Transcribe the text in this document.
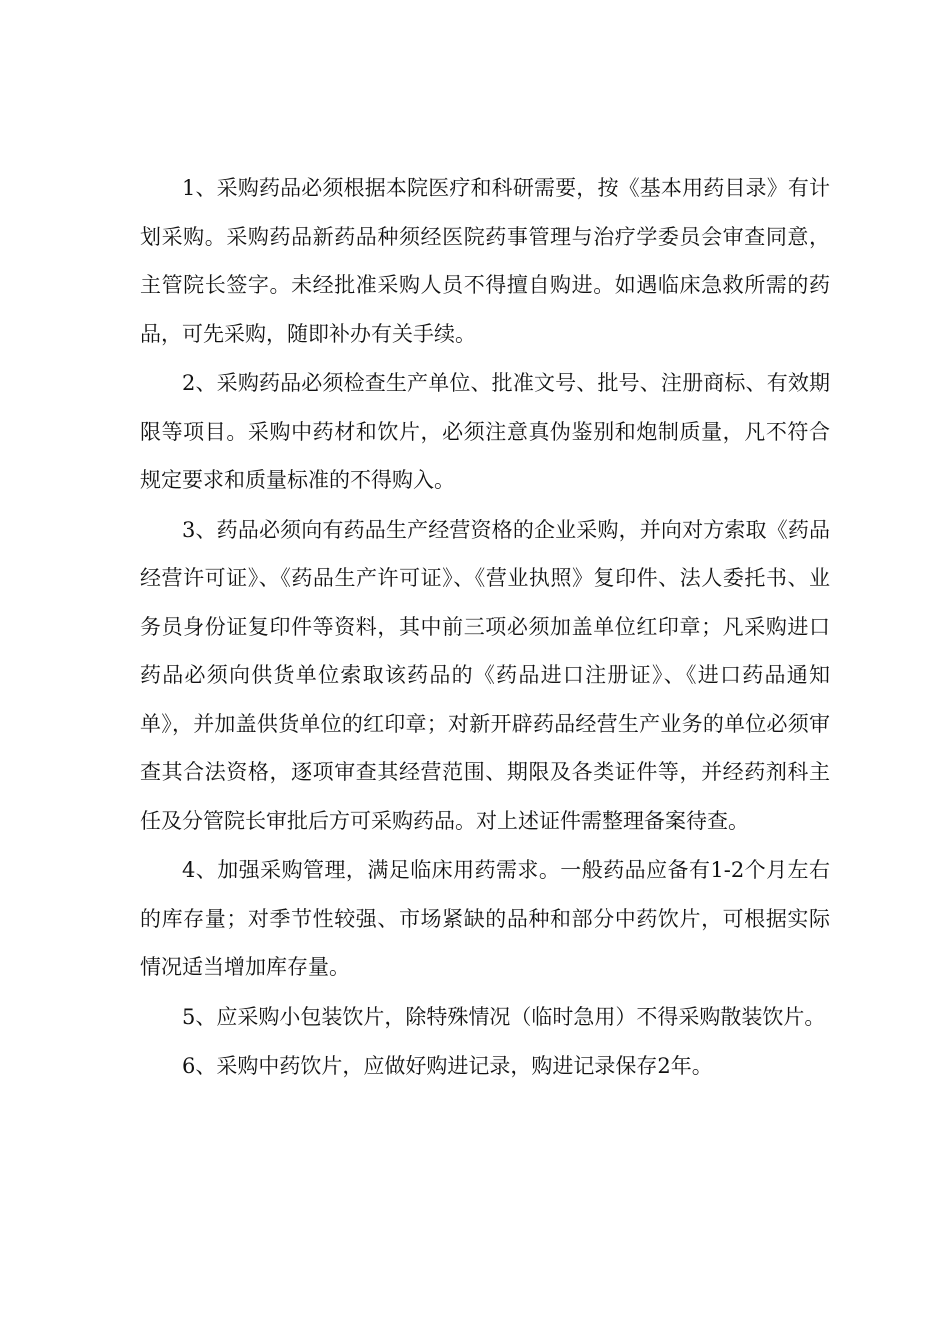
1、采购药品必须根据本院医疗和科研需要，按《基本用药目录》有计划采购。采购药品新药品种须经医院药事管理与治疗学委员会审查同意，主管院长签字。未经批准采购人员不得擅自购进。如遇临床急救所需的药品，可先采购，随即补办有关手续。

2、采购药品必须检查生产单位、批准文号、批号、注册商标、有效期限等项目。采购中药材和饮片，必须注意真伪鉴别和炮制质量，凡不符合规定要求和质量标准的不得购入。

3、药品必须向有药品生产经营资格的企业采购，并向对方索取《药品经营许可证》、《药品生产许可证》、《营业执照》复印件、法人委托书、业务员身份证复印件等资料，其中前三项必须加盖单位红印章；凡采购进口药品必须向供货单位索取该药品的《药品进口注册证》、《进口药品通知单》，并加盖供货单位的红印章；对新开辟药品经营生产业务的单位必须审查其合法资格，逐项审查其经营范围、期限及各类证件等，并经药剂科主任及分管院长审批后方可采购药品。对上述证件需整理备案待查。

4、加强采购管理，满足临床用药需求。一般药品应备有1-2个月左右的库存量；对季节性较强、市场紧缺的品种和部分中药饮片，可根据实际情况适当增加库存量。

5、应采购小包装饮片，除特殊情况（临时急用）不得采购散装饮片。

6、采购中药饮片，应做好购进记录，购进记录保存2年。
